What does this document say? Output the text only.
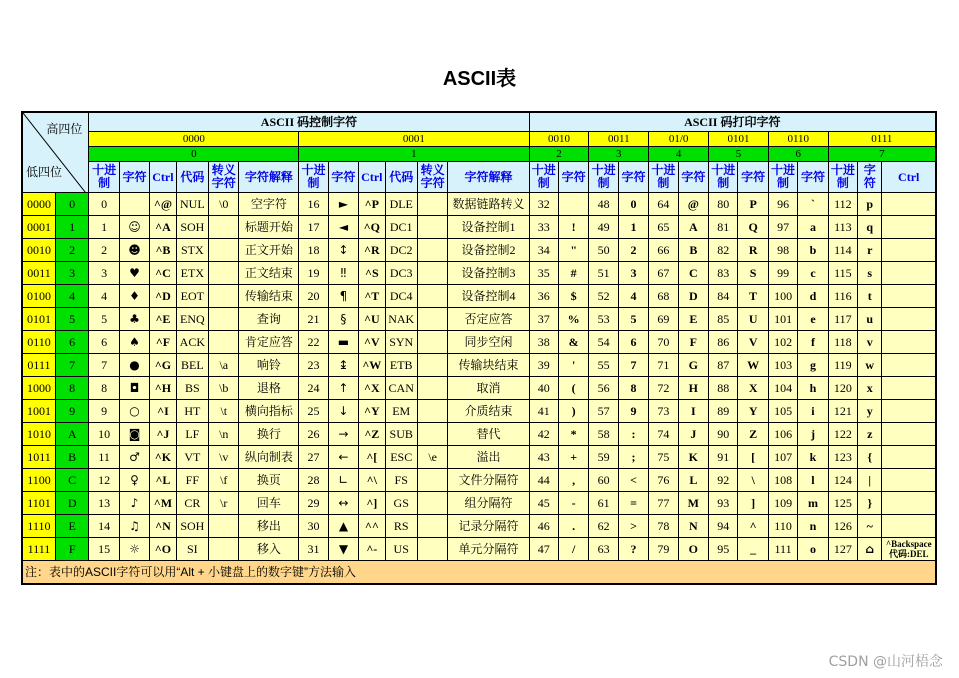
ASCII表
高四位
低四位		ASCII 码控制字符												ASCII 码打印字符												
		0000						0001						0010		0011		01/0		0101		0110		0111		
		0						1						2		3		4		5		6		7		
		十进制	字符	Ctrl	代码	转义字符	字符解释	十进制	字符	Ctrl	代码	转义字符	字符解释	十进制	字符	十进制	字符	十进制	字符	十进制	字符	十进制	字符	十进制	字符	Ctrl
0000	0	0		^@	NUL	\0	空字符	16	►	^P	DLE		数据链路转义	32		48	0	64	@	80	P	96	`	112	p	
0001	1	1	☺	^A	SOH		标题开始	17	◄	^Q	DC1		设备控制1	33	!	49	1	65	A	81	Q	97	a	113	q	
0010	2	2	☻	^B	STX		正文开始	18	↕	^R	DC2		设备控制2	34	"	50	2	66	B	82	R	98	b	114	r	
0011	3	3	♥	^C	ETX		正文结束	19	‼	^S	DC3		设备控制3	35	#	51	3	67	C	83	S	99	c	115	s	
0100	4	4	♦	^D	EOT		传输结束	20	¶	^T	DC4		设备控制4	36	$	52	4	68	D	84	T	100	d	116	t	
0101	5	5	♣	^E	ENQ		查询	21	§	^U	NAK		否定应答	37	%	53	5	69	E	85	U	101	e	117	u	
0110	6	6	♠	^F	ACK		肯定应答	22	▬	^V	SYN		同步空闲	38	&	54	6	70	F	86	V	102	f	118	v	
0111	7	7	●	^G	BEL	\a	响铃	23	↨	^W	ETB		传输块结束	39	'	55	7	71	G	87	W	103	g	119	w	
1000	8	8	◘	^H	BS	\b	退格	24	↑	^X	CAN		取消	40	(	56	8	72	H	88	X	104	h	120	x	
1001	9	9	○	^I	HT	\t	横向指标	25	↓	^Y	EM		介质结束	41	)	57	9	73	I	89	Y	105	i	121	y	
1010	A	10	◙	^J	LF	\n	换行	26	→	^Z	SUB		替代	42	*	58	:	74	J	90	Z	106	j	122	z	
1011	B	11	♂	^K	VT	\v	纵向制表	27	←	^[	ESC	\e	溢出	43	+	59	;	75	K	91	[	107	k	123	{	
1100	C	12	♀	^L	FF	\f	换页	28	∟	^\	FS		文件分隔符	44	,	60	<	76	L	92	\	108	l	124	|	
1101	D	13	♪	^M	CR	\r	回车	29	↔	^]	GS		组分隔符	45	-	61	=	77	M	93	]	109	m	125	}	
1110	E	14	♫	^N	SOH		移出	30	▲	^^	RS		记录分隔符	46	.	62	>	78	N	94	^	110	n	126	~	
1111	F	15	☼	^O	SI		移入	31	▼	^-	US		单元分隔符	47	/	63	?	79	O	95	_	111	o	127	⌂	^Backspace 代码:DEL
注：表中的ASCII字符可以用“Alt + 小键盘上的数字键”方法输入																										
CSDN @山河梧念
